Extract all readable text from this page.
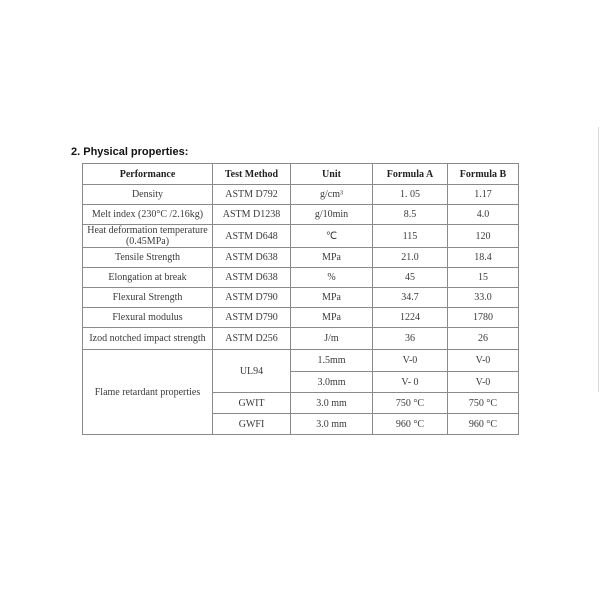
2. Physical properties:
Performance	Test Method	Unit	Formula A	Formula B
Density	ASTM D792	g/cm³	1. 05	1.17
Melt index (230°C /2.16kg)	ASTM D1238	g/10min	8.5	4.0
Heat deformation temperature (0.45MPa)	ASTM D648	℃	115	120
Tensile Strength	ASTM D638	MPa	21.0	18.4
Elongation at break	ASTM D638	%	45	15
Flexural Strength	ASTM D790	MPa	34.7	33.0
Flexural modulus	ASTM D790	MPa	1224	1780
Izod notched impact strength	ASTM D256	J/m	36	26
Flame retardant properties	UL94	1.5mm	V-0	V-0
		3.0mm	V- 0	V-0
	GWIT	3.0 mm	750 °C	750 °C
	GWFI	3.0 mm	960 °C	960 °C
